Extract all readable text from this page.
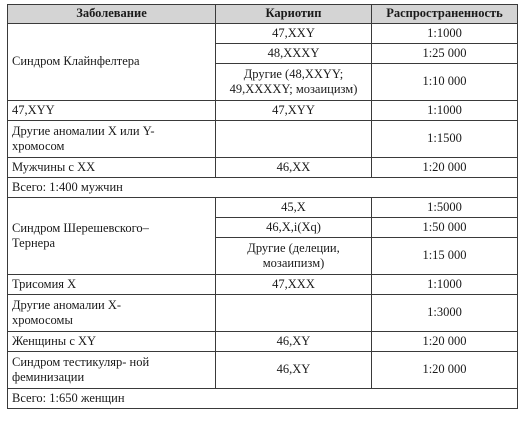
Заболевание	Кариотип	Распространенность

Синдром Клайнфелтера	47,XXY	1:1000
	48,XXXY	1:25 000
	Другие (48,XXYY; 49,XXXXY; мозаицизм)	1:10 000
47,XYY	47,XYY	1:1000

Другие аномалии X или Y-хромосом		1:1500
Мужчины с XX	46,XX	1:20 000
Всего: 1:400 мужчин		

Синдром Шерешевского–Тернера	45,X	1:5000
	46,X,i(Xq)	1:50 000

	Другие (делеции, мозаипизм)	1:15 000
Трисомия X	47,XXX	1:1000

Другие аномалии X-хромосомы		1:3000
Женщины с XY	46,XY	1:20 000

Синдром тестикуляр- ной феминизации	46,XY	1:20 000
Всего: 1:650 женщин		
